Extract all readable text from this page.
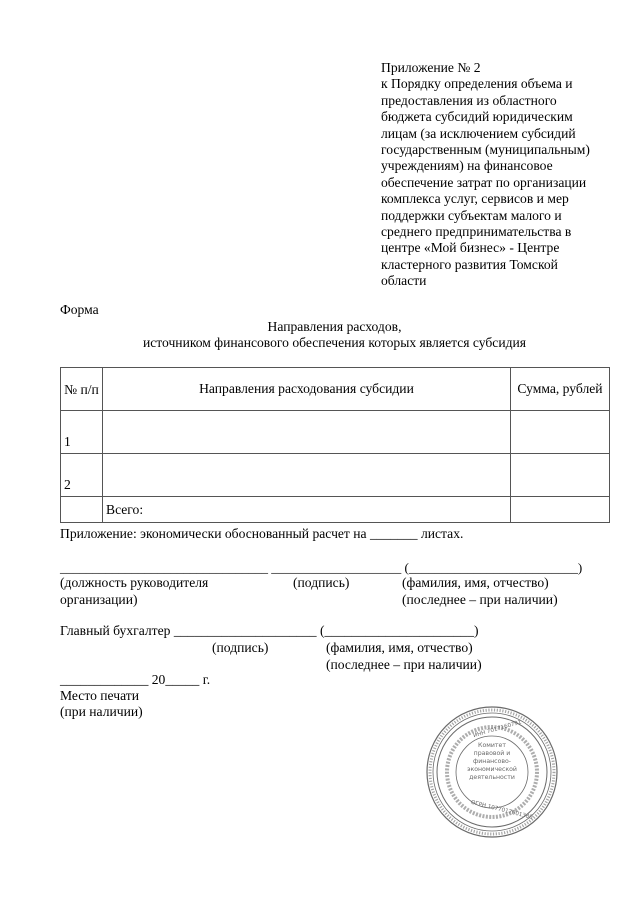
Приложение № 2
к Порядку определения объема и
предоставления из областного
бюджета субсидий юридическим
лицам (за исключением субсидий
государственным (муниципальным)
учреждениям) на финансовое
обеспечение затрат по организации
комплекса услуг, сервисов и мер
поддержки субъектам малого и
среднего предпринимательства в
центре «Мой бизнес» - Центре
кластерного развития Томской
области
Форма
Направления расходов,
источником финансового обеспечения которых является субсидия
№ п/п	Направления расходования субсидии	Сумма, рублей
1		
2		
	Всего:	
Приложение: экономически обоснованный расчет на _______ листах.
________________________________ ____________________ (__________________________)
(должность руководителя
организации)
(подпись)	(фамилия, имя, отчество)
(последнее – при наличии)
Главный бухгалтер _____________________ (______________________)
(подпись)	(фамилия, имя, отчество)
(последнее – при наличии)
_____________ 20_____ г.
Место печати
(при наличии)
Комитет
правовой и
финансово-
экономической
деятельности
ИНН 7017160791
ОГРН 1077017001380
